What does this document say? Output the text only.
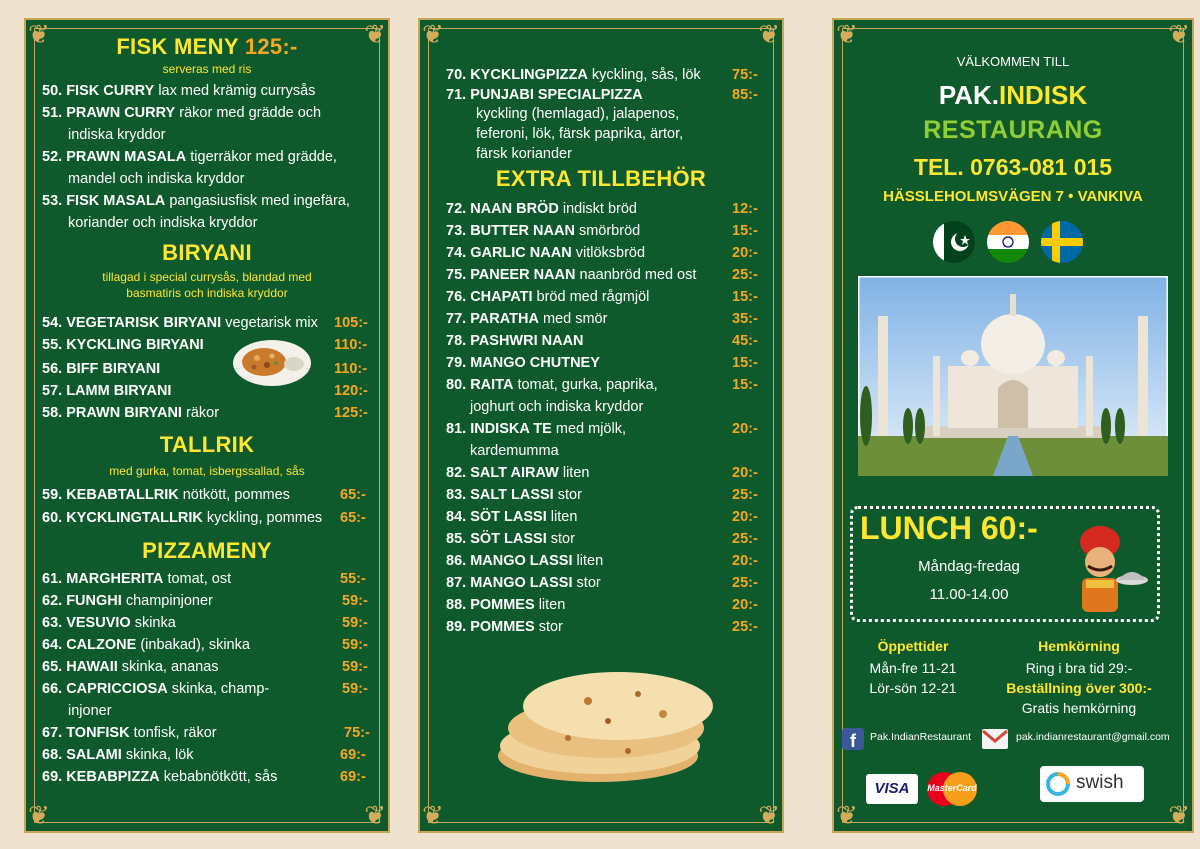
❦	❦
❦	❦
FISK MENY 125:-
serveras med ris
BIRYANI
tillagad i special currysås, blandad med
basmatiris och indiska kryddor
TALLRIK
med gurka, tomat, isbergssallad, sås
PIZZAMENY
50. FISK CURRY lax med krämig currysås
51. PRAWN CURRY räkor med grädde och
indiska kryddor
52. PRAWN MASALA tigerräkor med grädde,
mandel och indiska kryddor
53. FISK MASALA pangasiusfisk med ingefära,
koriander och indiska kryddor
54. VEGETARISK BIRYANI vegetarisk mix 105:-
55. KYCKLING BIRYANI	110:-
56. BIFF BIRYANI	110:-
57. LAMM BIRYANI	120:-
58. PRAWN BIRYANI räkor	125:-
59. KEBABTALLRIK nötkött, pommes	65:-
60. KYCKLINGTALLRIK kyckling, pommes 65:-
61. MARGHERITA tomat, ost	55:-
62. FUNGHI champinjoner	59:-
63. VESUVIO skinka	59:-
64. CALZONE (inbakad), skinka	59:-
65. HAWAII skinka, ananas	59:-
66. CAPRICCIOSA skinka, champ-
injoner
59:-
67. TONFISK tonfisk, räkor	75:-
68. SALAMI skinka, lök	69:-
69. KEBABPIZZA kebabnötkött, sås	69:-
❦	❦
❦	❦
EXTRA TILLBEHÖR
70. KYCKLINGPIZZA kyckling, sås, lök 75:-
71. PUNJABI SPECIALPIZZA	85:-
kyckling (hemlagad), jalapenos,
feferoni, lök, färsk paprika, ärtor,
färsk koriander
72. NAAN BRÖD indiskt bröd	12:-
73. BUTTER NAAN smörbröd	15:-
74. GARLIC NAAN vitlöksbröd	20:-
75. PANEER NAAN naanbröd med ost 25:-
76. CHAPATI bröd med rågmjöl	15:-
77. PARATHA med smör	35:-
78. PASHWRI NAAN	45:-
79. MANGO CHUTNEY	15:-
80. RAITA tomat, gurka, paprika,
joghurt och indiska kryddor
15:-
81. INDISKA TE med mjölk,
kardemumma
20:-
82. SALT AIRAW liten	20:-
83. SALT LASSI stor	25:-
84. SÖT LASSI liten	20:-
85. SÖT LASSI stor	25:-
86. MANGO LASSI liten	20:-
87. MANGO LASSI stor	25:-
88. POMMES liten	20:-
89. POMMES stor	25:-
❦	❦
❦	❦
VÄLKOMMEN TILL
PAK.INDISK
RESTAURANG
TEL. 0763-081 015
HÄSSLEHOLMSVÄGEN 7 • VANKIVA
LUNCH 60:-
Måndag-fredag
11.00-14.00
Öppettider
Mån-fre 11-21
Lör-sön 12-21
Hemkörning
Ring i bra tid 29:-
Beställning över 300:-
Gratis hemkörning
f Pak.IndianRestaurant	pak.indianrestaurant@gmail.com
VISA	MasterCard	swish
